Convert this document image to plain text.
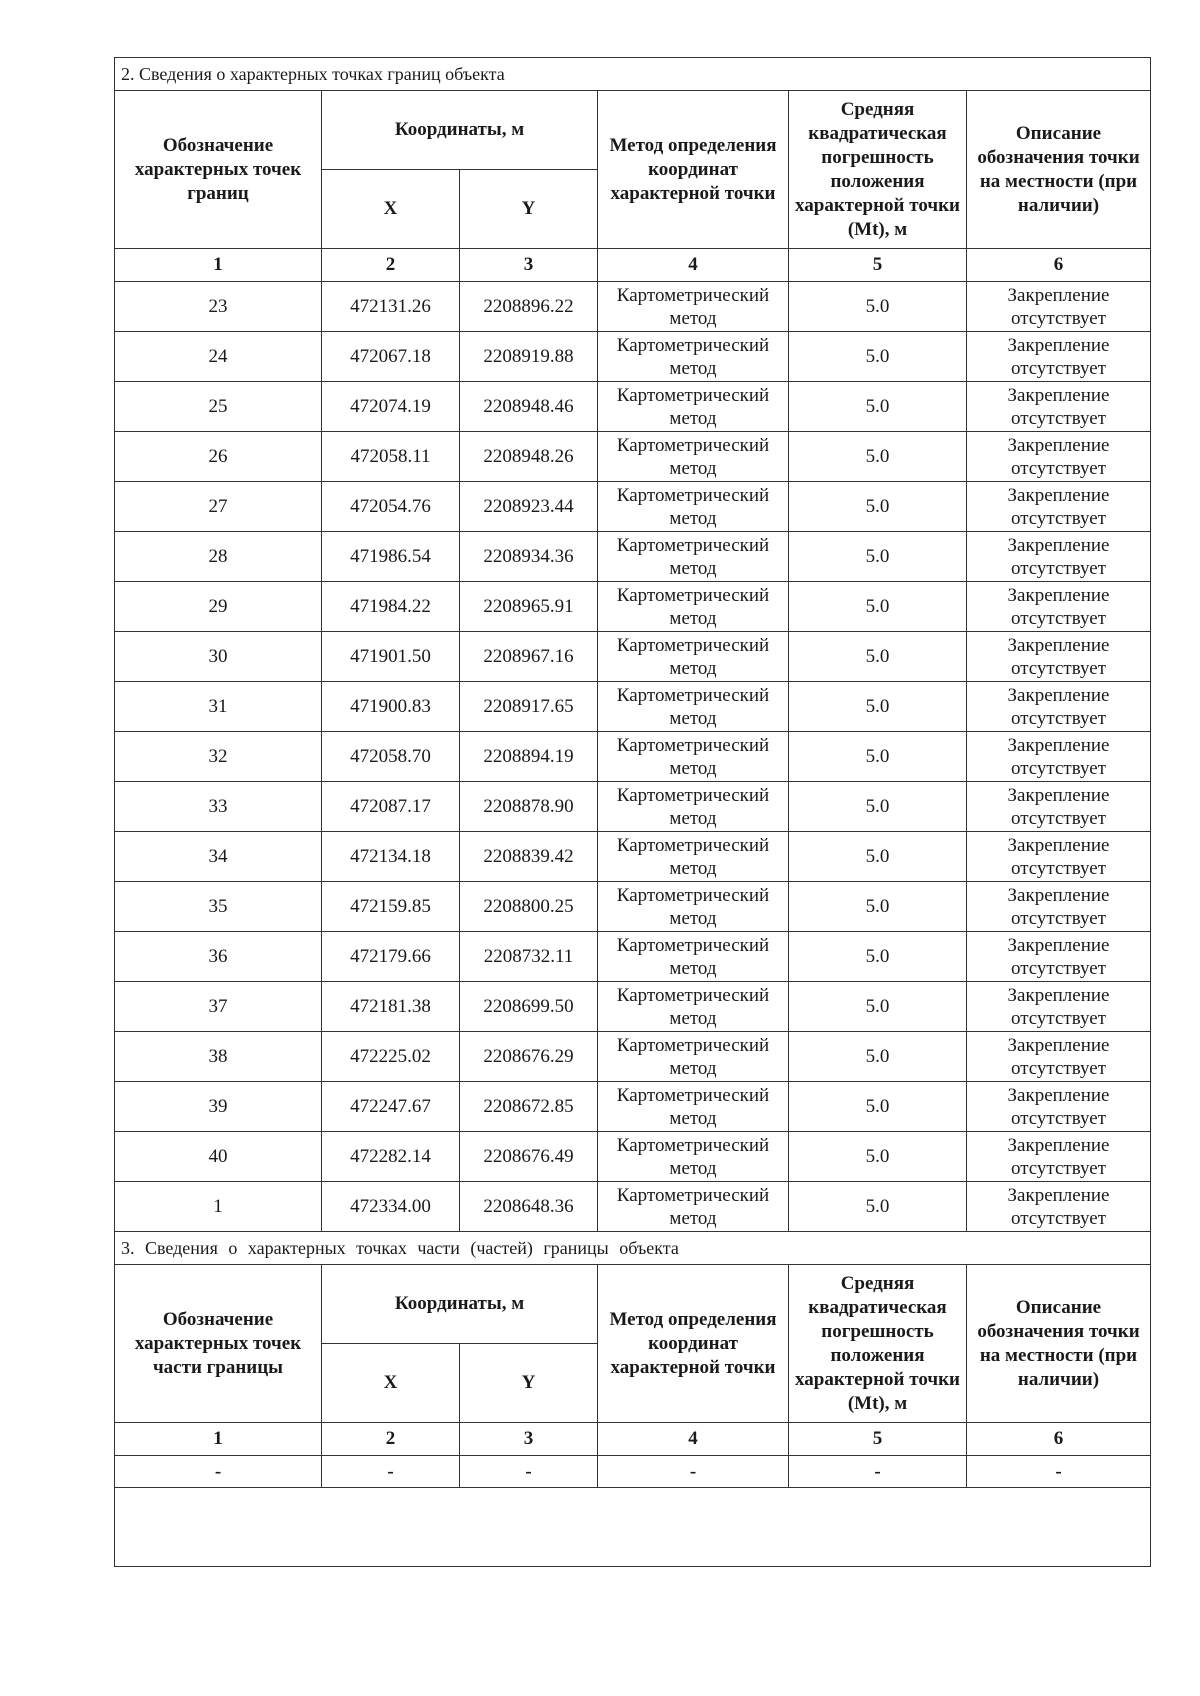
2. Сведения о характерных точках границ объекта					
Обозначение характерных точек границ	Координаты, м		Метод определения координат характерной точки	Средняя квадратическая погрешность положения характерной точки (Mt), м	Описание обозначения точки на местности (при наличии)
	X	Y			
1	2	3	4	5	6
23	472131.26	2208896.22	Картометрический метод	5.0	Закрепление отсутствует
24	472067.18	2208919.88	Картометрический метод	5.0	Закрепление отсутствует
25	472074.19	2208948.46	Картометрический метод	5.0	Закрепление отсутствует
26	472058.11	2208948.26	Картометрический метод	5.0	Закрепление отсутствует
27	472054.76	2208923.44	Картометрический метод	5.0	Закрепление отсутствует
28	471986.54	2208934.36	Картометрический метод	5.0	Закрепление отсутствует
29	471984.22	2208965.91	Картометрический метод	5.0	Закрепление отсутствует
30	471901.50	2208967.16	Картометрический метод	5.0	Закрепление отсутствует
31	471900.83	2208917.65	Картометрический метод	5.0	Закрепление отсутствует
32	472058.70	2208894.19	Картометрический метод	5.0	Закрепление отсутствует
33	472087.17	2208878.90	Картометрический метод	5.0	Закрепление отсутствует
34	472134.18	2208839.42	Картометрический метод	5.0	Закрепление отсутствует
35	472159.85	2208800.25	Картометрический метод	5.0	Закрепление отсутствует
36	472179.66	2208732.11	Картометрический метод	5.0	Закрепление отсутствует
37	472181.38	2208699.50	Картометрический метод	5.0	Закрепление отсутствует
38	472225.02	2208676.29	Картометрический метод	5.0	Закрепление отсутствует
39	472247.67	2208672.85	Картометрический метод	5.0	Закрепление отсутствует
40	472282.14	2208676.49	Картометрический метод	5.0	Закрепление отсутствует
1	472334.00	2208648.36	Картометрический метод	5.0	Закрепление отсутствует
3. Сведения о характерных точках части (частей) границы объекта					
Обозначение характерных точек части границы	Координаты, м		Метод определения координат характерной точки	Средняя квадратическая погрешность положения характерной точки (Mt), м	Описание обозначения точки на местности (при наличии)
	X	Y			
1	2	3	4	5	6
-	-	-	-	-	-
